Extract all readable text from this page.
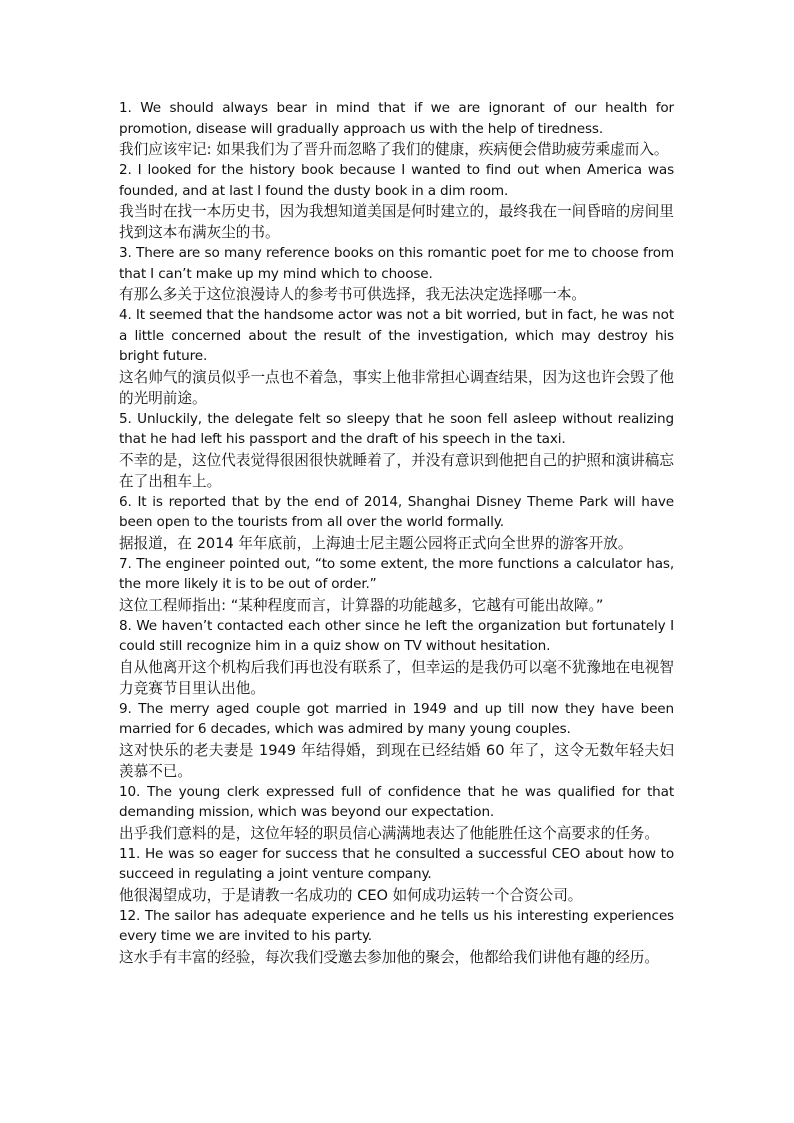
1. We should always bear in mind that if we are ignorant of our health for promotion, disease will gradually approach us with the help of tiredness.

我们应该牢记: 如果我们为了晋升而忽略了我们的健康，疾病便会借助疲劳乘虚而入。

2. I looked for the history book because I wanted to find out when America was founded, and at last I found the dusty book in a dim room.

我当时在找一本历史书，因为我想知道美国是何时建立的，最终我在一间昏暗的房间里找到这本布满灰尘的书。

3. There are so many reference books on this romantic poet for me to choose from that I can’t make up my mind which to choose.

有那么多关于这位浪漫诗人的参考书可供选择，我无法决定选择哪一本。

4. It seemed that the handsome actor was not a bit worried, but in fact, he was not a little concerned about the result of the investigation, which may destroy his bright future.

这名帅气的演员似乎一点也不着急，事实上他非常担心调查结果，因为这也许会毁了他的光明前途。

5. Unluckily, the delegate felt so sleepy that he soon fell asleep without realizing that he had left his passport and the draft of his speech in the taxi.

不幸的是，这位代表觉得很困很快就睡着了，并没有意识到他把自己的护照和演讲稿忘在了出租车上。

6. It is reported that by the end of 2014, Shanghai Disney Theme Park will have been open to the tourists from all over the world formally.

据报道，在 2014 年年底前，上海迪士尼主题公园将正式向全世界的游客开放。

7. The engineer pointed out, “to some extent, the more functions a calculator has, the more likely it is to be out of order.”

这位工程师指出: “某种程度而言，计算器的功能越多，它越有可能出故障。”

8. We haven’t contacted each other since he left the organization but fortunately I could still recognize him in a quiz show on TV without hesitation.

自从他离开这个机构后我们再也没有联系了，但幸运的是我仍可以毫不犹豫地在电视智力竞赛节目里认出他。

9. The merry aged couple got married in 1949 and up till now they have been married for 6 decades, which was admired by many young couples.

这对快乐的老夫妻是 1949 年结得婚，到现在已经结婚 60 年了，这令无数年轻夫妇羡慕不已。

10. The young clerk expressed full of confidence that he was qualified for that demanding mission, which was beyond our expectation.

出乎我们意料的是，这位年轻的职员信心满满地表达了他能胜任这个高要求的任务。

11. He was so eager for success that he consulted a successful CEO about how to succeed in regulating a joint venture company.

他很渴望成功，于是请教一名成功的 CEO 如何成功运转一个合资公司。

12. The sailor has adequate experience and he tells us his interesting experiences every time we are invited to his party.

这水手有丰富的经验，每次我们受邀去参加他的聚会，他都给我们讲他有趣的经历。
